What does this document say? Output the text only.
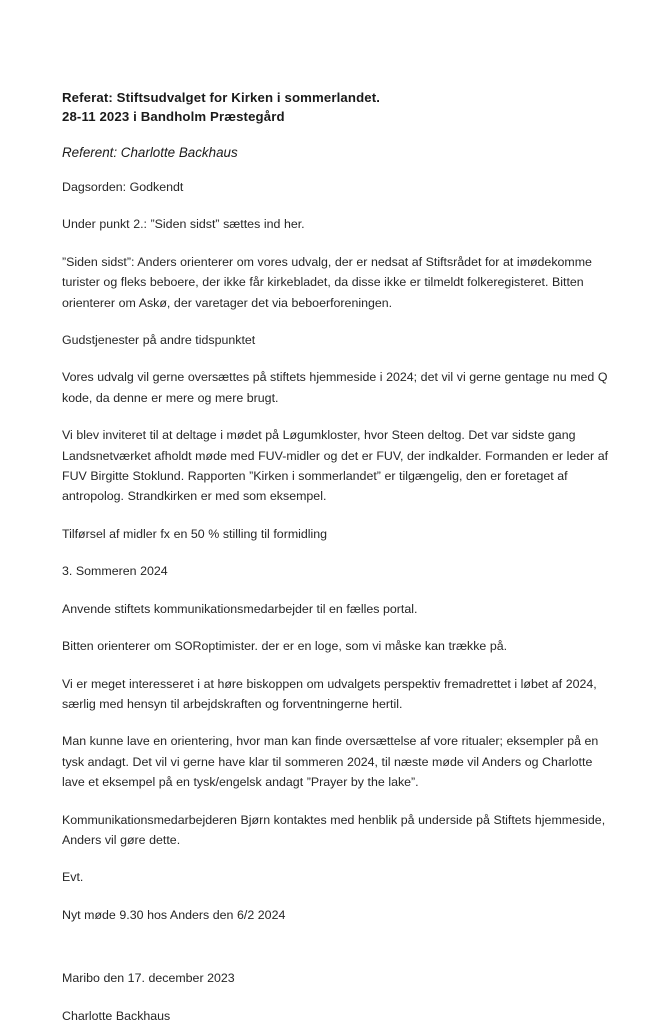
Referat: Stiftsudvalget for Kirken i sommerlandet.
28-11 2023 i Bandholm Præstegård

Referent: Charlotte Backhaus

Dagsorden: Godkendt

Under punkt 2.: ”Siden sidst” sættes ind her.

”Siden sidst”: Anders orienterer om vores udvalg, der er nedsat af Stiftsrådet for at imødekomme turister og fleks beboere, der ikke får kirkebladet, da disse ikke er tilmeldt folkeregisteret. Bitten orienterer om Askø, der varetager det via beboerforeningen.

Gudstjenester på andre tidspunktet

Vores udvalg vil gerne oversættes på stiftets hjemmeside i 2024; det vil vi gerne gentage nu med Q kode, da denne er mere og mere brugt.

Vi blev inviteret til at deltage i mødet på Løgumkloster, hvor Steen deltog. Det var sidste gang Landsnetværket afholdt møde med FUV-midler og det er FUV, der indkalder. Formanden er leder af FUV Birgitte Stoklund. Rapporten ”Kirken i sommerlandet” er tilgængelig, den er foretaget af antropolog. Strandkirken er med som eksempel.

Tilførsel af midler fx en 50 % stilling til formidling

3. Sommeren 2024

Anvende stiftets kommunikationsmedarbejder til en fælles portal.

Bitten orienterer om SORoptimister. der er en loge, som vi måske kan trække på.

Vi er meget interesseret i at høre biskoppen om udvalgets perspektiv fremadrettet i løbet af 2024, særlig med hensyn til arbejdskraften og forventningerne hertil.

Man kunne lave en orientering, hvor man kan finde oversættelse af vore ritualer; eksempler på en tysk andagt. Det vil vi gerne have klar til sommeren 2024, til næste møde vil Anders og Charlotte lave et eksempel på en tysk/engelsk andagt ”Prayer by the lake”.

Kommunikationsmedarbejderen Bjørn kontaktes med henblik på underside på Stiftets hjemmeside, Anders vil gøre dette.

Evt.

Nyt møde 9.30 hos Anders den 6/2 2024

Maribo den 17. december 2023

Charlotte Backhaus
